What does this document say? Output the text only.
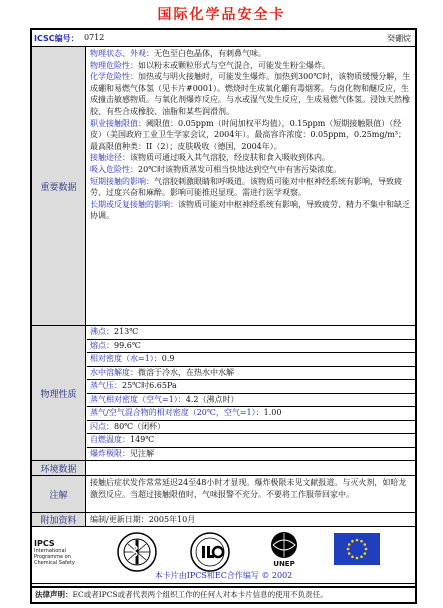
国际化学品安全卡
ICSC编号： 0712	癸硼烷
重要数据

物理状态、外观：无色至白色晶体，有刺鼻气味。

物理危险性：如以粉末或颗粒形式与空气混合，可能发生粉尘爆炸。

化学危险性：加热或与明火接触时，可能发生爆炸。加热到300℃时，该物质缓慢分解，生成硼和易燃气体氢（见卡片#0001）。燃烧时生成氧化硼有毒烟雾。与卤化物和醚反应，生成撞击敏感物质。与氧化剂爆炸反应。与水或湿气发生反应，生成易燃气体氢。浸蚀天然橡胶、有些合成橡胶、油脂和某些润滑剂。

职业接触限值：阈限值：0.05ppm（时间加权平均值），0.15ppm（短期接触限值）（经皮）（美国政府工业卫生学家会议，2004年）。最高容许浓度：0.05ppm，0.25mg/m³；最高限值种类：II（2）；皮肤吸收（德国，2004年）。

接触途径：该物质可通过吸入其气溶胶，经皮肤和食入吸收到体内。

吸入危险性：20℃时该物质蒸发可相当快地达到空气中有害污染浓度。

短期接触的影响：气溶胶刺激眼睛和呼吸道。该物质可能对中枢神经系统有影响，导致疲劳、过度兴奋和麻醉。影响可能推迟显现。需进行医学观察。

长期或反复接触的影响：该物质可能对中枢神经系统有影响，导致疲劳、精力不集中和缺乏协调。

物理性质
沸点：213℃
熔点：99.6℃
相对密度（水=1）：0.9
水中溶解度：微溶于冷水，在热水中水解
蒸气压：25℃时6.65Pa
蒸气相对密度（空气=1）：4.2（沸点时）
蒸气/空气混合物的相对密度（20℃，空气=1）：1.00
闪点：80℃（闭杯）
自燃温度：149℃
爆炸极限：见注解
环境数据
注解
接触后症状发作常常延迟24至48小时才显现。爆炸极限未见文献报道。与灭火剂，如哈龙激烈反应。当超过接触限值时，气味报警不充分。不要将工作服带回家中。
附加资料	编制/更新日期：2005年10月
IPCS
International
Programme on
Chemical Safety	UNEP
本卡片由IPCS和EC合作编写 © 2002
法律声明：EC或者IPCS或者代表两个组织工作的任何人对本卡片信息的使用不负责任。
